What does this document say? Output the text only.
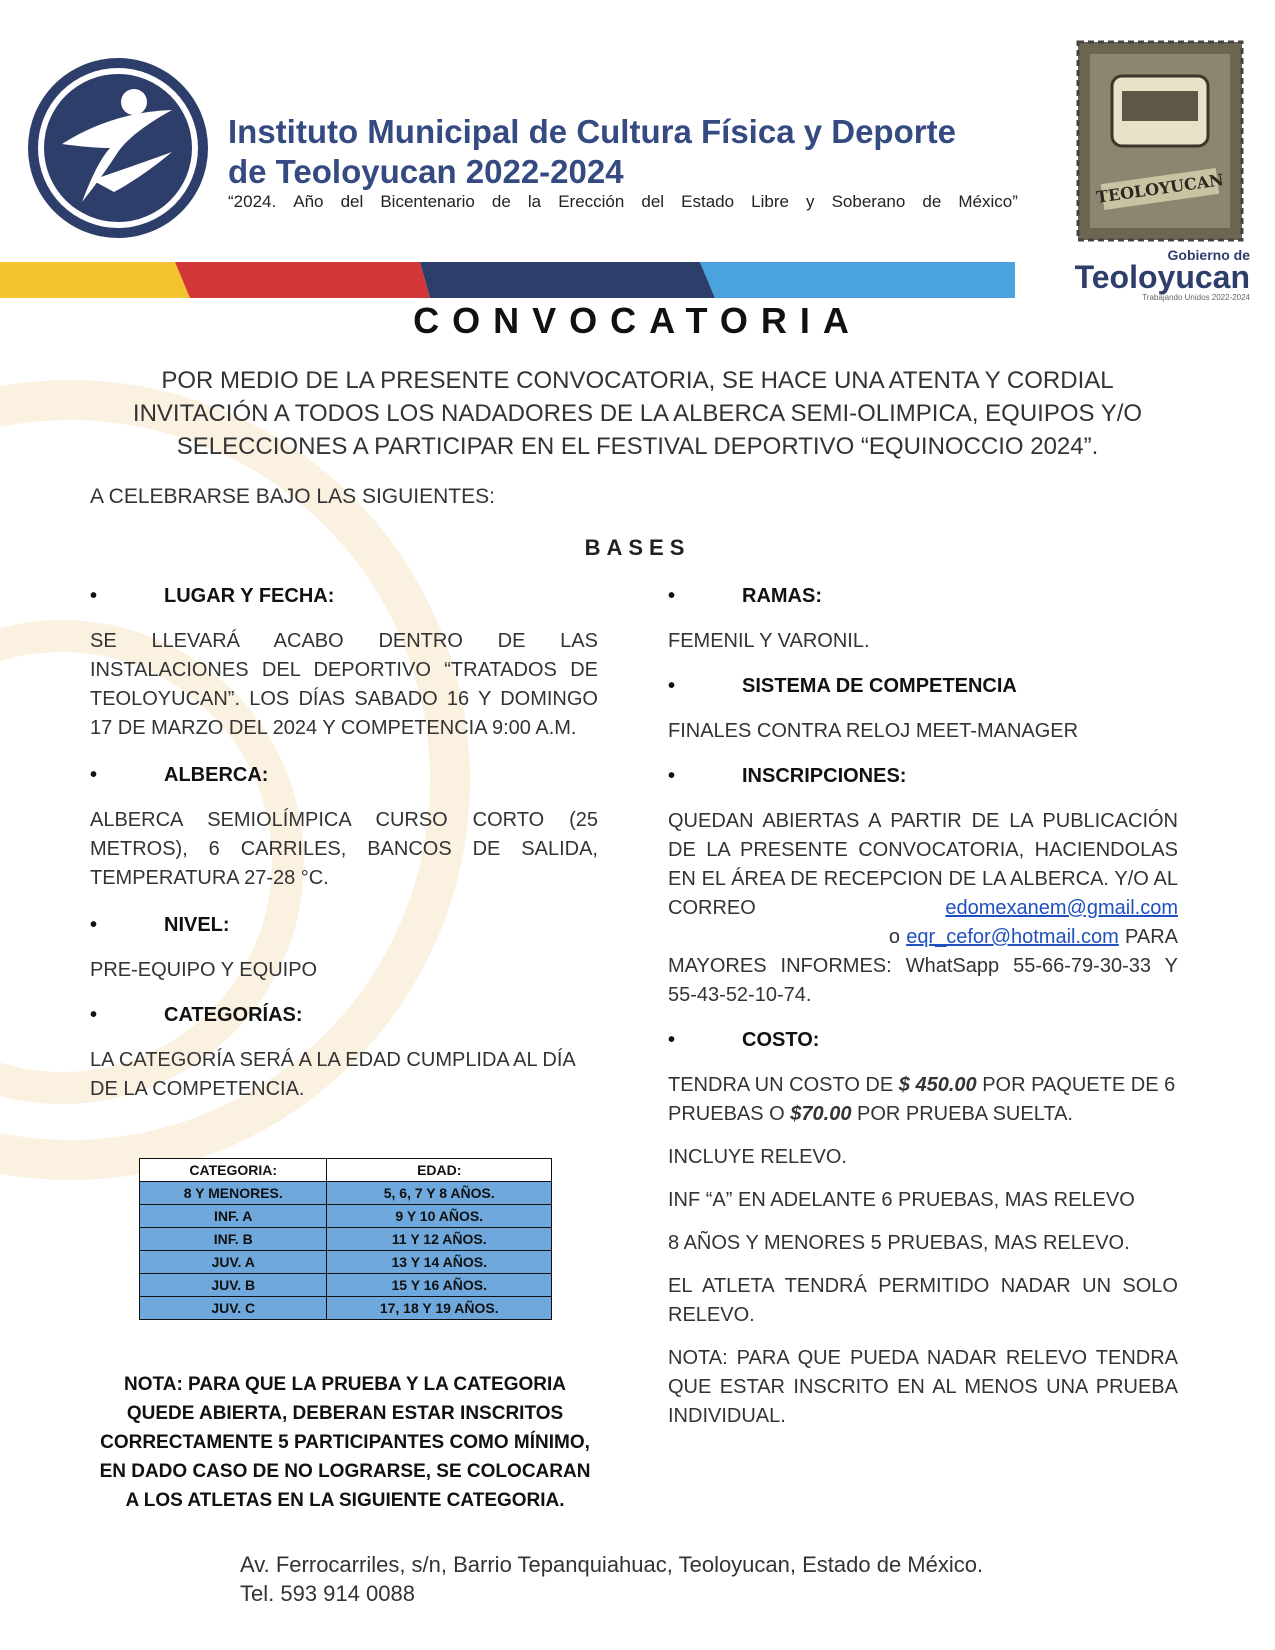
Instituto Municipal de Cultura Física y Deporte
de Teoloyucan 2022-2024
“2024. Año del Bicentenario de la Erección del Estado Libre y Soberano de México”	TEOLOYUCAN
Gobierno de
Teoloyucan
Trabajando Unidos 2022-2024
CONVOCATORIA
POR MEDIO DE LA PRESENTE CONVOCATORIA, SE HACE UNA ATENTA Y CORDIAL INVITACIÓN A TODOS LOS NADADORES DE LA ALBERCA SEMI-OLIMPICA, EQUIPOS Y/O SELECCIONES A PARTICIPAR EN EL FESTIVAL DEPORTIVO “EQUINOCCIO 2024”.
A CELEBRARSE BAJO LAS SIGUIENTES:
BASES
• LUGAR Y FECHA:

SE LLEVARÁ ACABO DENTRO DE LAS INSTALACIONES DEL DEPORTIVO “TRATADOS DE TEOLOYUCAN”. LOS DÍAS SABADO 16 Y DOMINGO 17 DE MARZO DEL 2024 Y COMPETENCIA 9:00 A.M.

• ALBERCA:

ALBERCA SEMIOLÍMPICA CURSO CORTO (25 METROS), 6 CARRILES, BANCOS DE SALIDA, TEMPERATURA 27-28 °C.

• NIVEL:

PRE-EQUIPO Y EQUIPO

• CATEGORÍAS:

LA CATEGORÍA SERÁ A LA EDAD CUMPLIDA AL DÍA DE LA COMPETENCIA.

CATEGORIA:	EDAD:
8 Y MENORES.	5, 6, 7 Y 8 AÑOS.
INF. A	9 Y 10 AÑOS.
INF. B	11 Y 12 AÑOS.
JUV. A	13 Y 14 AÑOS.
JUV. B	15 Y 16 AÑOS.
JUV. C	17, 18 Y 19 AÑOS.
NOTA: PARA QUE LA PRUEBA Y LA CATEGORIA QUEDE ABIERTA, DEBERAN ESTAR INSCRITOS CORRECTAMENTE 5 PARTICIPANTES COMO MÍNIMO, EN DADO CASO DE NO LOGRARSE, SE COLOCARAN A LOS ATLETAS EN LA SIGUIENTE CATEGORIA.
• RAMAS:

FEMENIL Y VARONIL.

• SISTEMA DE COMPETENCIA

FINALES CONTRA RELOJ MEET-MANAGER

• INSCRIPCIONES:

QUEDAN ABIERTAS A PARTIR DE LA PUBLICACIÓN DE LA PRESENTE CONVOCATORIA, HACIENDOLAS EN EL ÁREA DE RECEPCION DE LA ALBERCA. Y/O AL CORREO	edomexanem@gmail.com o eqr_cefor@hotmail.com PARA MAYORES INFORMES: WhatSapp 55-66-79-30-33 Y 55-43-52-10-74.

• COSTO:

TENDRA UN COSTO DE $ 450.00 POR PAQUETE DE 6 PRUEBAS O $70.00 POR PRUEBA SUELTA.

INCLUYE RELEVO.

INF “A” EN ADELANTE 6 PRUEBAS, MAS RELEVO

8 AÑOS Y MENORES 5 PRUEBAS, MAS RELEVO.

EL ATLETA TENDRÁ PERMITIDO NADAR UN SOLO RELEVO.

NOTA: PARA QUE PUEDA NADAR RELEVO TENDRA QUE ESTAR INSCRITO EN AL MENOS UNA PRUEBA INDIVIDUAL.

Av. Ferrocarriles, s/n, Barrio Tepanquiahuac, Teoloyucan, Estado de México.
Tel. 593 914 0088
